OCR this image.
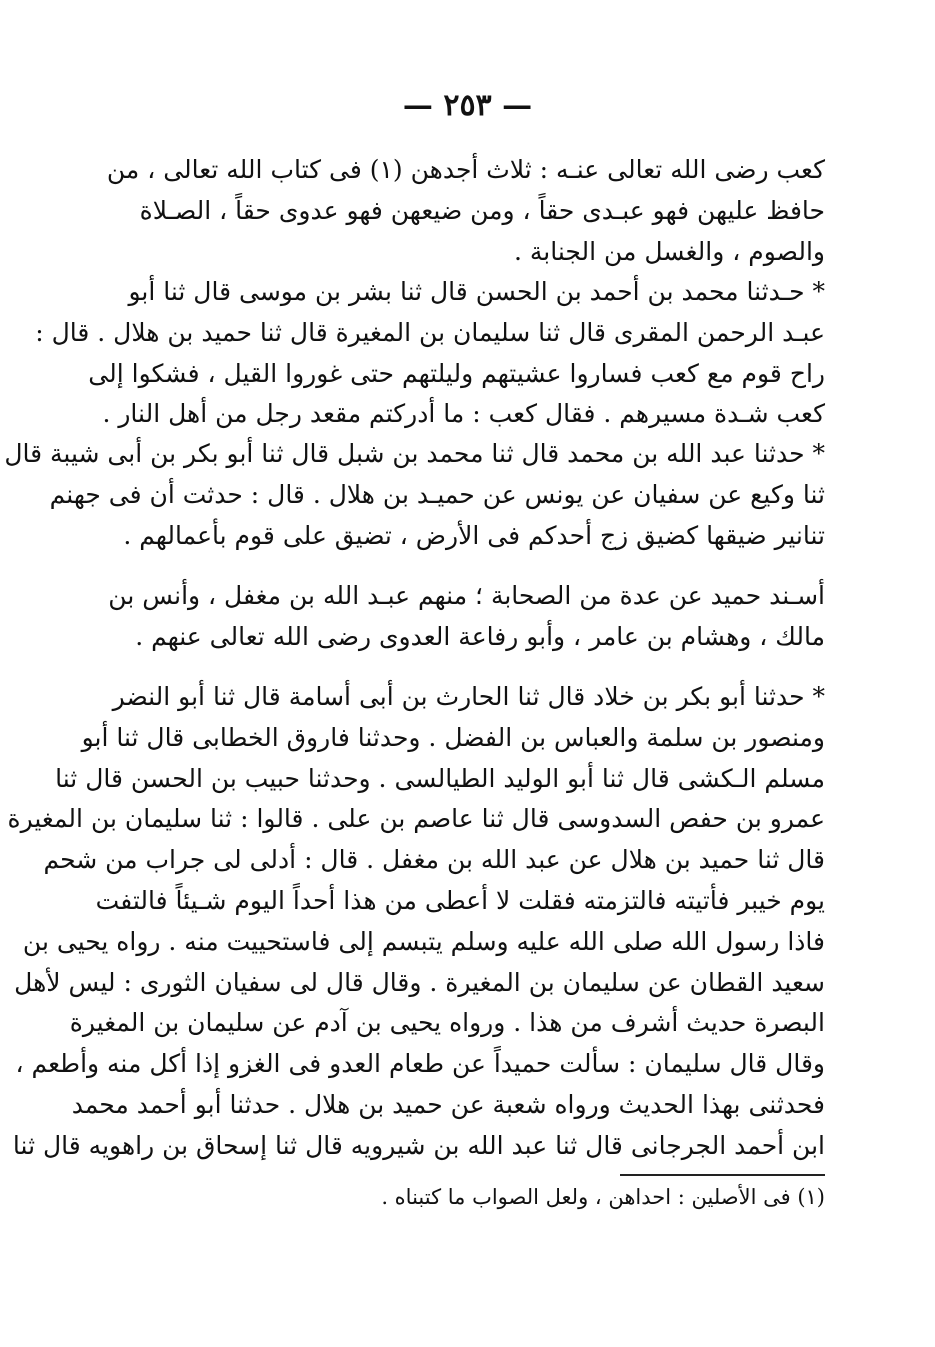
— ٢٥٣ —
كعب رضى الله تعالى عنـه : ثلاث أجدهن (١) فى كتاب الله تعالى ، من
حافظ عليهن فهو عبـدى حقاً ، ومن ضيعهن فهو عدوى حقاً ، الصـلاة
والصوم ، والغسل من الجنابة .
* حـدثنا محمد بن أحمد بن الحسن قال ثنا بشر بن موسى قال ثنا أبو
عبـد الرحمن المقرى قال ثنا سليمان بن المغيرة قال ثنا حميد بن هلال . قال :
راح قوم مع كعب فساروا عشيتهم وليلتهم حتى غوروا القيل ، فشكوا إلى
كعب شـدة مسيرهم . فقال كعب : ما أدركتم مقعد رجل من أهل النار .
* حدثنا عبد الله بن محمد قال ثنا محمد بن شبل قال ثنا أبو بكر بن أبى شيبة قال
ثنا وكيع عن سفيان عن يونس عن حميـد بن هلال . قال : حدثت أن فى جهنم
تنانير ضيقها كضيق زج أحدكم فى الأرض ، تضيق على قوم بأعمالهم .
أسـند حميد عن عدة من الصحابة ؛ منهم عبـد الله بن مغفل ، وأنس بن
مالك ، وهشام بن عامر ، وأبو رفاعة العدوى رضى الله تعالى عنهم .
* حدثنا أبو بكر بن خلاد قال ثنا الحارث بن أبى أسامة قال ثنا أبو النضر
ومنصور بن سلمة والعباس بن الفضل . وحدثنا فاروق الخطابى قال ثنا أبو
مسلم الـكشى قال ثنا أبو الوليد الطيالسى . وحدثنا حبيب بن الحسن قال ثنا
عمرو بن حفص السدوسى قال ثنا عاصم بن على . قالوا : ثنا سليمان بن المغيرة
قال ثنا حميد بن هلال عن عبد الله بن مغفل . قال : أدلى لى جراب من شحم
يوم خيبر فأتيته فالتزمته فقلت لا أعطى من هذا أحداً اليوم شـيئاً فالتفت
فاذا رسول الله صلى الله عليه وسلم يتبسم إلى فاستحييت منه . رواه يحيى بن
سعيد القطان عن سليمان بن المغيرة . وقال قال لى سفيان الثورى : ليس لأهل
البصرة حديث أشرف من هذا . ورواه يحيى بن آدم عن سليمان بن المغيرة
وقال قال سليمان : سألت حميداً عن طعام العدو فى الغزو إذا أكل منه وأطعم ،
فحدثنى بهذا الحديث ورواه شعبة عن حميد بن هلال . حدثنا أبو أحمد محمد
ابن أحمد الجرجانى قال ثنا عبد الله بن شيرويه قال ثنا إسحاق بن راهويه قال ثنا
(١) فى الأصلين : احداهن ، ولعل الصواب ما كتبناه .
